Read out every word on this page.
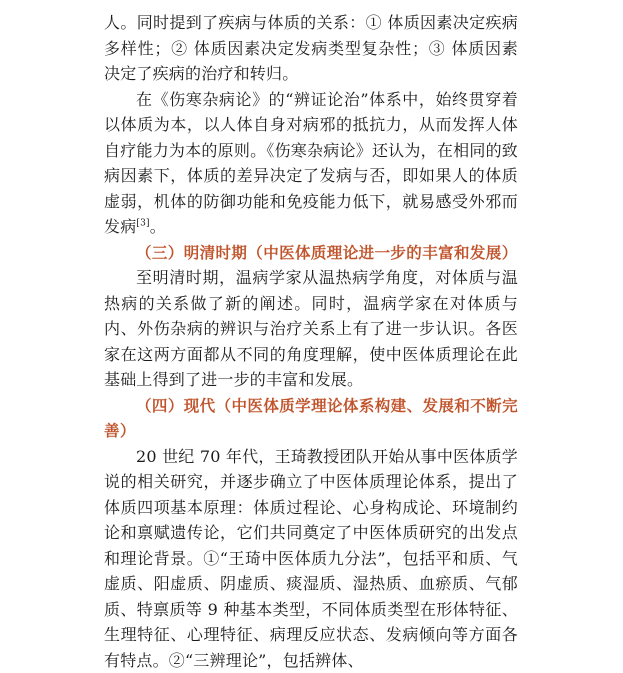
人。同时提到了疾病与体质的关系：① 体质因素决定疾病多样性；② 体质因素决定发病类型复杂性；③ 体质因素决定了疾病的治疗和转归。

在《伤寒杂病论》的“辨证论治”体系中，始终贯穿着以体质为本，以人体自身对病邪的抵抗力，从而发挥人体自疗能力为本的原则。《伤寒杂病论》还认为，在相同的致病因素下，体质的差异决定了发病与否，即如果人的体质虚弱，机体的防御功能和免疫能力低下，就易感受外邪而发病[3]。

（三）明清时期（中医体质理论进一步的丰富和发展）

至明清时期，温病学家从温热病学角度，对体质与温热病的关系做了新的阐述。同时，温病学家在对体质与内、外伤杂病的辨识与治疗关系上有了进一步认识。各医家在这两方面都从不同的角度理解，使中医体质理论在此基础上得到了进一步的丰富和发展。

（四）现代（中医体质学理论体系构建、发展和不断完善）

20 世纪 70 年代，王琦教授团队开始从事中医体质学说的相关研究，并逐步确立了中医体质理论体系，提出了体质四项基本原理：体质过程论、心身构成论、环境制约论和禀赋遗传论，它们共同奠定了中医体质研究的出发点和理论背景。①“王琦中医体质九分法”，包括平和质、气虚质、阳虚质、阴虚质、痰湿质、湿热质、血瘀质、气郁质、特禀质等 9 种基本类型，不同体质类型在形体特征、生理特征、心理特征、病理反应状态、发病倾向等方面各有特点。②“三辨理论”，包括辨体、
